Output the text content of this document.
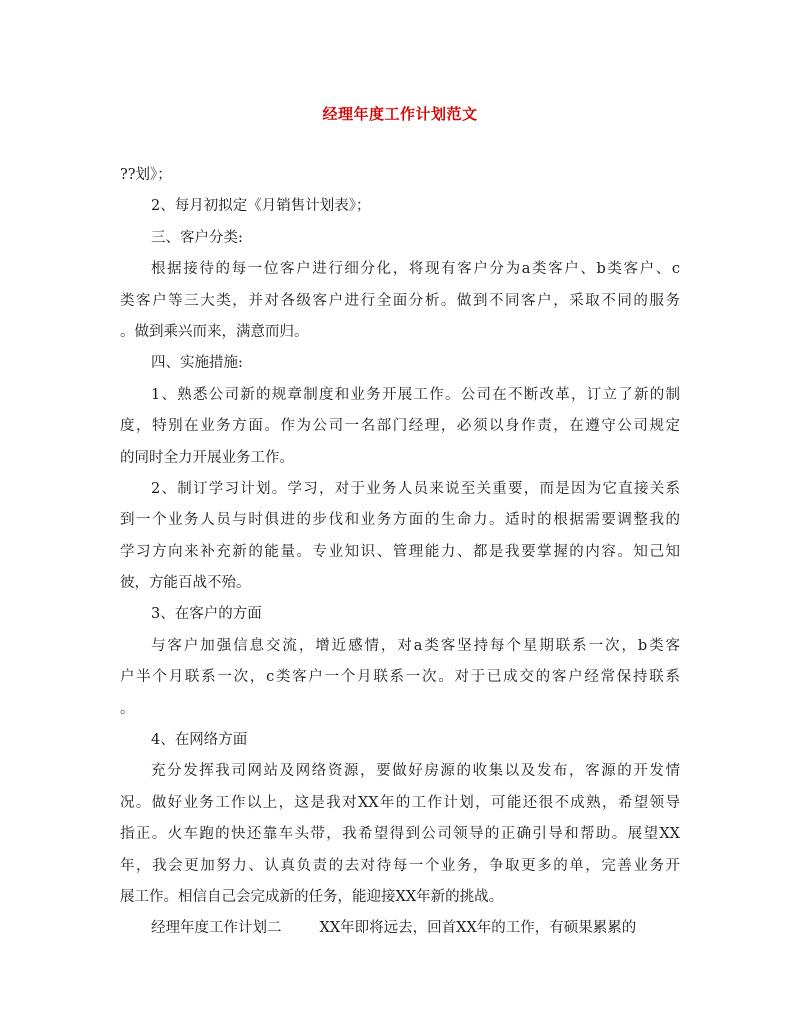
经理年度工作计划范文
??划》；
2、每月初拟定《月销售计划表》；
三、客户分类:
根据接待的每一位客户进行细分化，将现有客户分为a类客户、b类客户、c
类客户等三大类，并对各级客户进行全面分析。做到不同客户，采取不同的服务
。做到乘兴而来，满意而归。
四、实施措施:
1、熟悉公司新的规章制度和业务开展工作。公司在不断改革，订立了新的制
度，特别在业务方面。作为公司一名部门经理，必须以身作责，在遵守公司规定
的同时全力开展业务工作。
2、制订学习计划。学习，对于业务人员来说至关重要，而是因为它直接关系
到一个业务人员与时俱进的步伐和业务方面的生命力。适时的根据需要调整我的
学习方向来补充新的能量。专业知识、管理能力、都是我要掌握的内容。知己知
彼，方能百战不殆。
3、在客户的方面
与客户加强信息交流，增近感情，对a类客坚持每个星期联系一次，b类客
户半个月联系一次，c类客户一个月联系一次。对于已成交的客户经常保持联系
。
4、在网络方面
充分发挥我司网站及网络资源，要做好房源的收集以及发布，客源的开发情
况。做好业务工作以上，这是我对XX年的工作计划，可能还很不成熟，希望领导
指正。火车跑的快还靠车头带，我希望得到公司领导的正确引导和帮助。展望XX
年，我会更加努力、认真负责的去对待每一个业务，争取更多的单，完善业务开
展工作。相信自己会完成新的任务，能迎接XX年新的挑战。
经理年度工作计划二	XX年即将远去，回首XX年的工作，有硕果累累的
